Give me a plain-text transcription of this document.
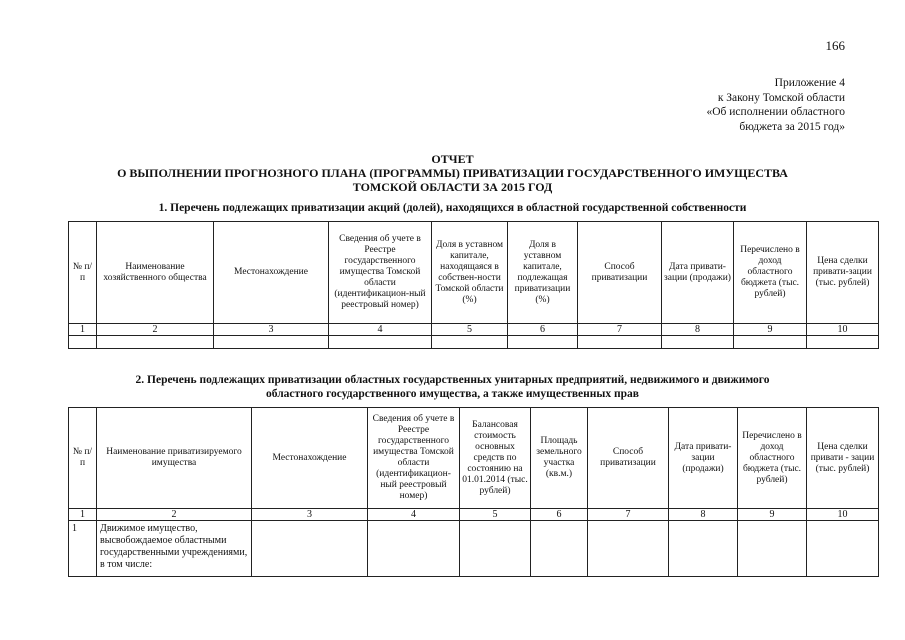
166
Приложение 4
к Закону Томской области
«Об исполнении областного
бюджета за 2015 год»
ОТЧЕТ
О ВЫПОЛНЕНИИ ПРОГНОЗНОГО ПЛАНА (ПРОГРАММЫ) ПРИВАТИЗАЦИИ ГОСУДАРСТВЕННОГО ИМУЩЕСТВА
ТОМСКОЙ ОБЛАСТИ ЗА 2015 ГОД
1. Перечень подлежащих приватизации акций (долей), находящихся в областной государственной собственности
№ п/п	Наименование хозяйственного общества	Местонахождение	Сведения об учете в Реестре государственного имущества Томской области (идентификацион-ный реестровый номер)	Доля в уставном капитале, находящаяся в собствен-ности Томской области (%)	Доля в уставном капитале, подлежащая приватизации (%)	Способ приватизации	Дата привати-зации (продажи)	Перечислено в доход областного бюджета (тыс. рублей)	Цена сделки привати-зации (тыс. рублей)
1	2	3	4	5	6	7	8	9	10

2. Перечень подлежащих приватизации областных государственных унитарных предприятий, недвижимого и движимого
областного государственного имущества, а также имущественных прав
№ п/п	Наименование приватизируемого имущества	Местонахождение	Сведения об учете в Реестре государственного имущества Томской области (идентификацион-ный реестровый номер)	Балансовая стоимость основных средств по состоянию на 01.01.2014 (тыс. рублей)	Площадь земельного участка (кв.м.)	Способ приватизации	Дата привати-зации (продажи)	Перечислено в доход областного бюджета (тыс. рублей)	Цена сделки привати - зации (тыс. рублей)
1	2	3	4	5	6	7	8	9	10
1	Движимое имущество, высвобождаемое областными государственными учреждениями, в том числе:								
